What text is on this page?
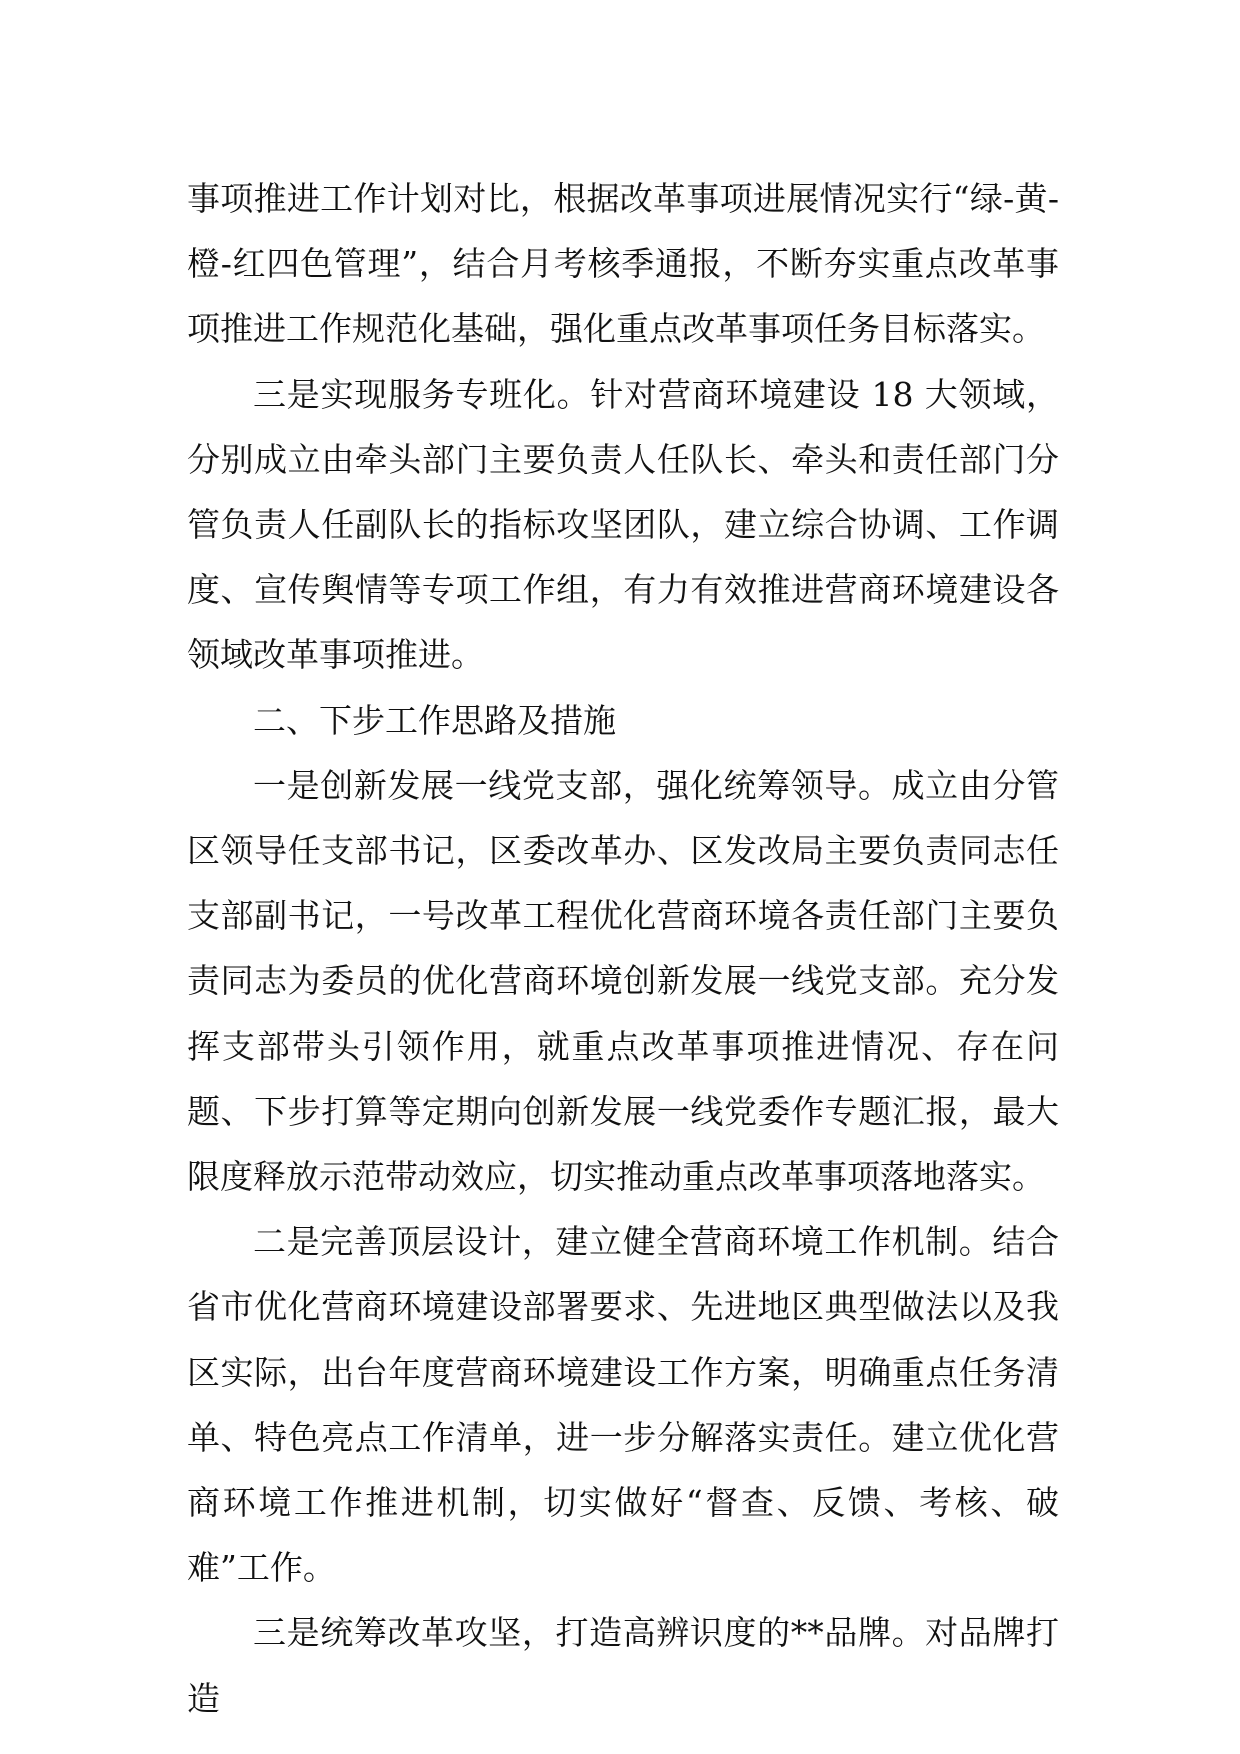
事项推进工作计划对比，根据改革事项进展情况实行“绿-黄-橙-红四色管理”，结合月考核季通报，不断夯实重点改革事项推进工作规范化基础，强化重点改革事项任务目标落实。

三是实现服务专班化。针对营商环境建设 18 大领域，分别成立由牵头部门主要负责人任队长、牵头和责任部门分管负责人任副队长的指标攻坚团队，建立综合协调、工作调度、宣传舆情等专项工作组，有力有效推进营商环境建设各领域改革事项推进。

二、下步工作思路及措施

一是创新发展一线党支部，强化统筹领导。成立由分管区领导任支部书记，区委改革办、区发改局主要负责同志任支部副书记，一号改革工程优化营商环境各责任部门主要负责同志为委员的优化营商环境创新发展一线党支部。充分发挥支部带头引领作用，就重点改革事项推进情况、存在问题、下步打算等定期向创新发展一线党委作专题汇报，最大限度释放示范带动效应，切实推动重点改革事项落地落实。

二是完善顶层设计，建立健全营商环境工作机制。结合省市优化营商环境建设部署要求、先进地区典型做法以及我区实际，出台年度营商环境建设工作方案，明确重点任务清单、特色亮点工作清单，进一步分解落实责任。建立优化营商环境工作推进机制，切实做好“督查、反馈、考核、破难”工作。

三是统筹改革攻坚，打造高辨识度的**品牌。对品牌打造
